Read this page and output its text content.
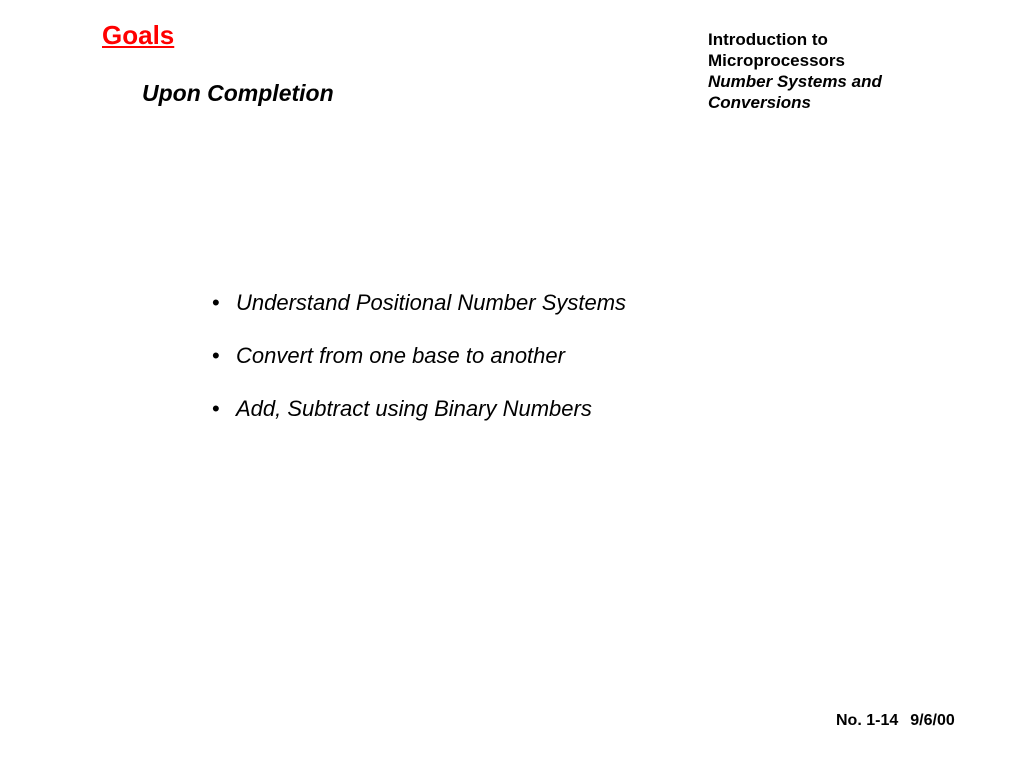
Goals
Upon Completion
Introduction to
Microprocessors
Number Systems and
Conversions
• Understand Positional Number Systems
• Convert from one base to another
• Add, Subtract using Binary Numbers
No. 1-14 9/6/00
